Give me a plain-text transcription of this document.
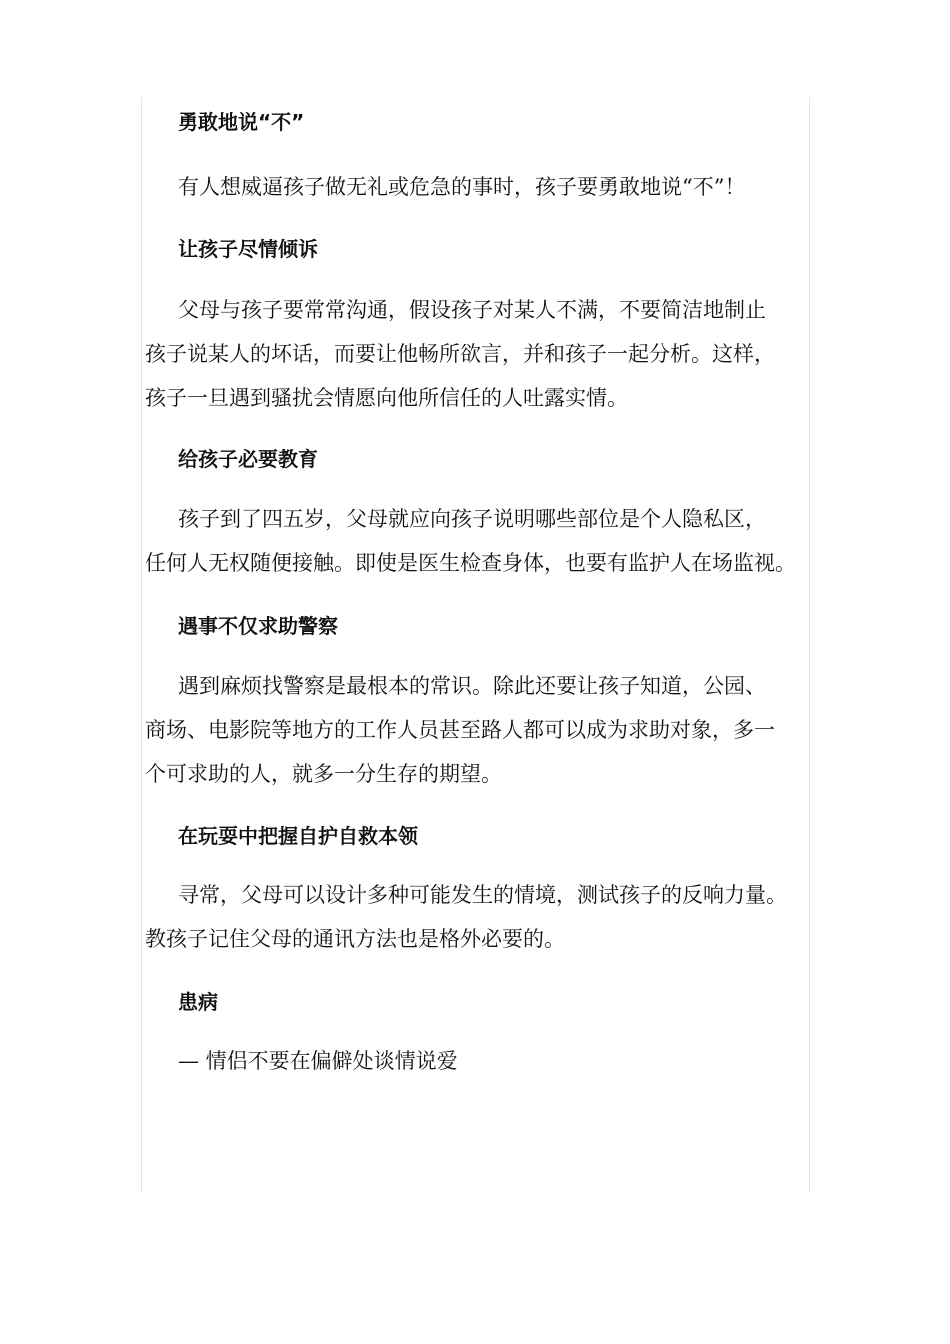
勇敢地说“不”
有人想威逼孩子做无礼或危急的事时，孩子要勇敢地说“不”！
让孩子尽情倾诉
父母与孩子要常常沟通，假设孩子对某人不满，不要简洁地制止
孩子说某人的坏话，而要让他畅所欲言，并和孩子一起分析。这样，
孩子一旦遇到骚扰会情愿向他所信任的人吐露实情。
给孩子必要教育
孩子到了四五岁，父母就应向孩子说明哪些部位是个人隐私区，
任何人无权随便接触。即使是医生检查身体，也要有监护人在场监视。
遇事不仅求助警察
遇到麻烦找警察是最根本的常识。除此还要让孩子知道，公园、
商场、电影院等地方的工作人员甚至路人都可以成为求助对象，多一
个可求助的人，就多一分生存的期望。
在玩耍中把握自护自救本领
寻常，父母可以设计多种可能发生的情境，测试孩子的反响力量。
教孩子记住父母的通讯方法也是格外必要的。
患病
— 情侣不要在偏僻处谈情说爱
